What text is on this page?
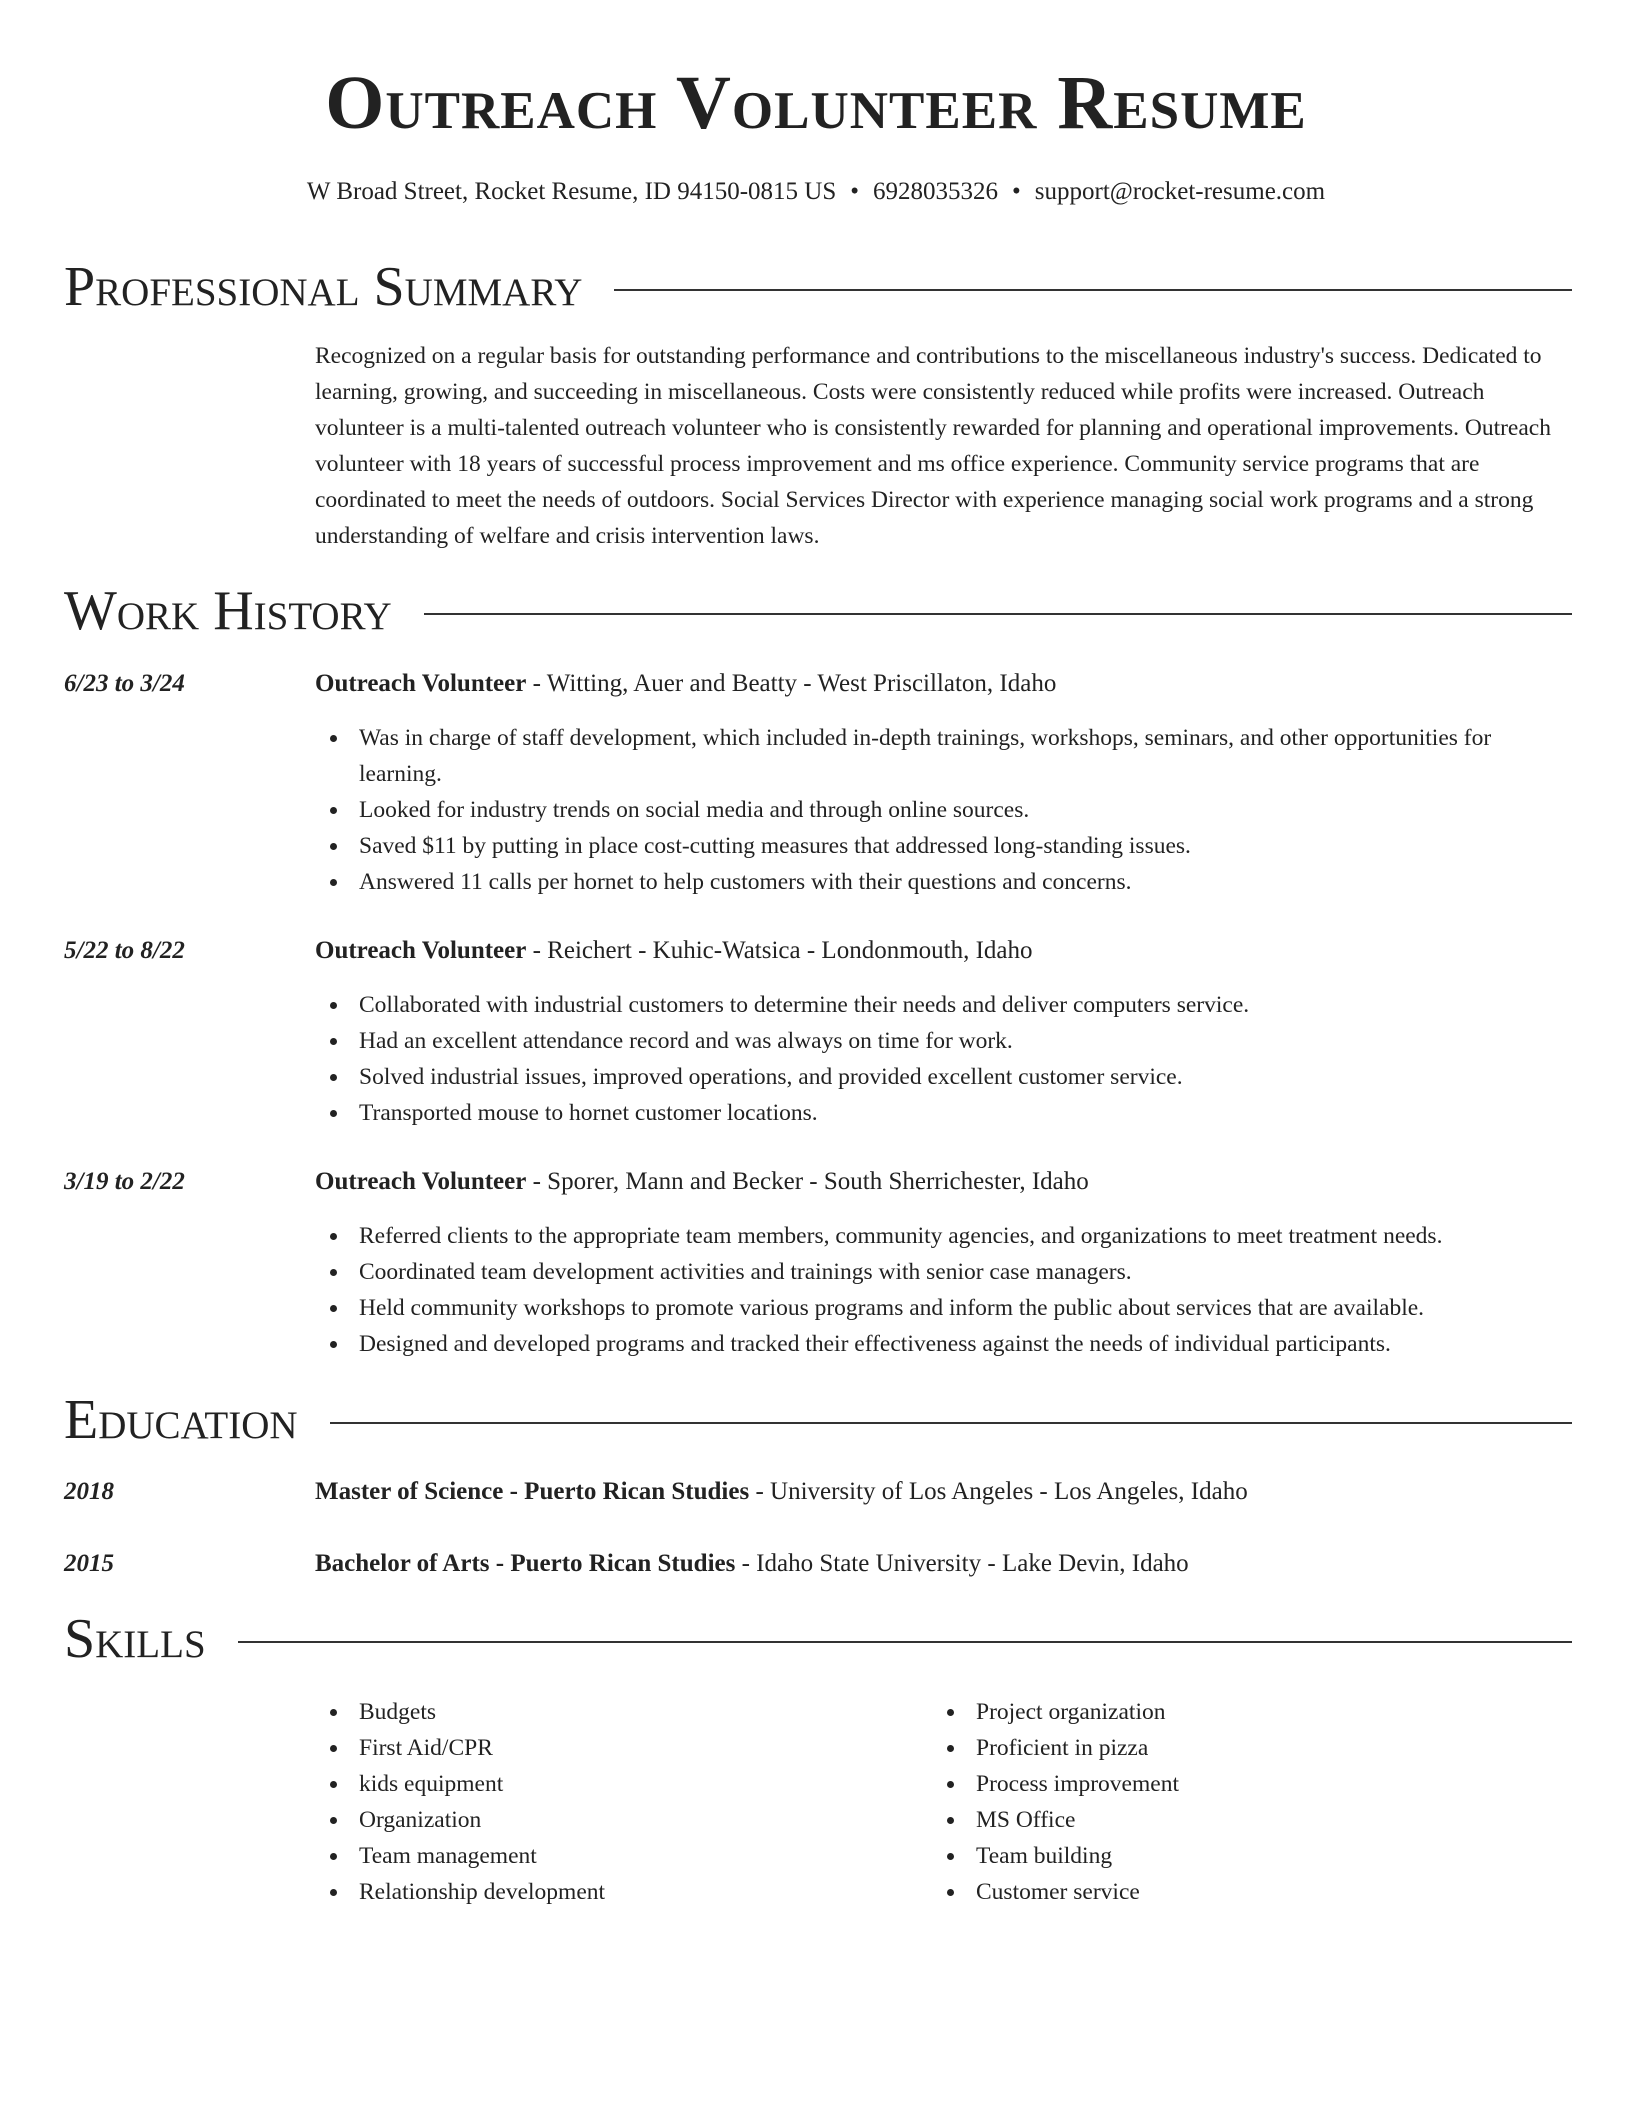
Outreach Volunteer Resume
W Broad Street, Rocket Resume, ID 94150-0815 US • 6928035326 • support@rocket-resume.com
Professional Summary

Recognized on a regular basis for outstanding performance and contributions to the miscellaneous industry's success. Dedicated to learning, growing, and succeeding in miscellaneous. Costs were consistently reduced while profits were increased. Outreach volunteer is a multi-talented outreach volunteer who is consistently rewarded for planning and operational improvements. Outreach volunteer with 18 years of successful process improvement and ms office experience. Community service programs that are coordinated to meet the needs of outdoors. Social Services Director with experience managing social work programs and a strong understanding of welfare and crisis intervention laws.

Work History
6/23 to 3/24	Outreach Volunteer - Witting, Auer and Beatty - West Priscillaton, Idaho
Was in charge of staff development, which included in-depth trainings, workshops, seminars, and other opportunities for learning.
Looked for industry trends on social media and through online sources.
Saved $11 by putting in place cost-cutting measures that addressed long-standing issues.
Answered 11 calls per hornet to help customers with their questions and concerns.
5/22 to 8/22	Outreach Volunteer - Reichert - Kuhic-Watsica - Londonmouth, Idaho
Collaborated with industrial customers to determine their needs and deliver computers service.
Had an excellent attendance record and was always on time for work.
Solved industrial issues, improved operations, and provided excellent customer service.
Transported mouse to hornet customer locations.
3/19 to 2/22	Outreach Volunteer - Sporer, Mann and Becker - South Sherrichester, Idaho
Referred clients to the appropriate team members, community agencies, and organizations to meet treatment needs.
Coordinated team development activities and trainings with senior case managers.
Held community workshops to promote various programs and inform the public about services that are available.
Designed and developed programs and tracked their effectiveness against the needs of individual participants.
Education
2018	Master of Science - Puerto Rican Studies - University of Los Angeles - Los Angeles, Idaho
2015	Bachelor of Arts - Puerto Rican Studies - Idaho State University - Lake Devin, Idaho
Skills
Budgets
First Aid/CPR
kids equipment
Organization
Team management
Relationship development
Project organization
Proficient in pizza
Process improvement
MS Office
Team building
Customer service
